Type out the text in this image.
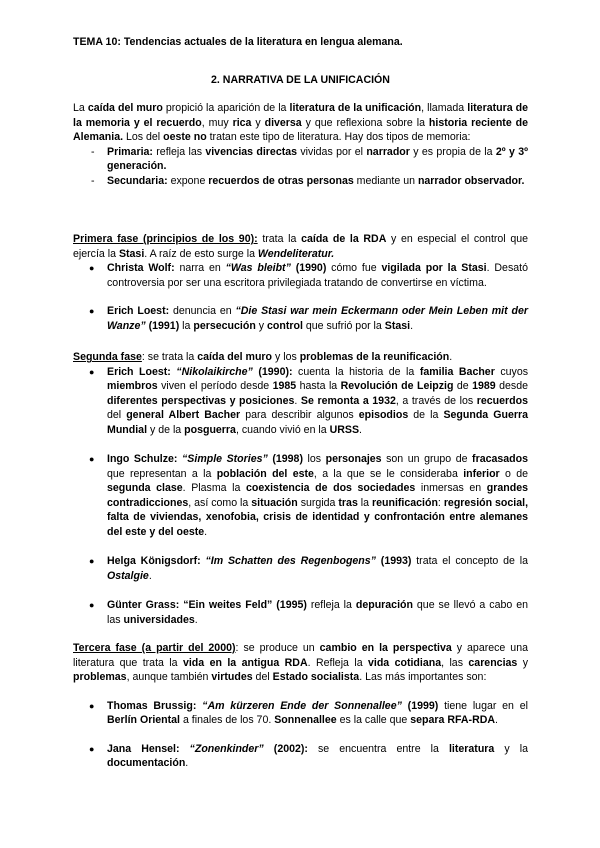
TEMA 10: Tendencias actuales de la literatura en lengua alemana.
2. NARRATIVA DE LA UNIFICACIÓN

La caída del muro propició la aparición de la literatura de la unificación, llamada literatura de la memoria y el recuerdo, muy rica y diversa y que reflexiona sobre la historia reciente de Alemania. Los del oeste no tratan este tipo de literatura. Hay dos tipos de memoria:

- Primaria: refleja las vivencias directas vividas por el narrador y es propia de la 2º y 3º generación.
- Secundaria: expone recuerdos de otras personas mediante un narrador observador.

Primera fase (principios de los 90): trata la caída de la RDA y en especial el control que ejercía la Stasi. A raíz de esto surge la Wendeliteratur.

● Christa Wolf: narra en “Was bleibt” (1990) cómo fue vigilada por la Stasi. Desató controversia por ser una escritora privilegiada tratando de convertirse en víctima.
● Erich Loest: denuncia en “Die Stasi war mein Eckermann oder Mein Leben mit der Wanze” (1991) la persecución y control que sufrió por la Stasi.

Segunda fase: se trata la caída del muro y los problemas de la reunificación.

● Erich Loest: “Nikolaikirche” (1990): cuenta la historia de la familia Bacher cuyos miembros viven el período desde 1985 hasta la Revolución de Leipzig de 1989 desde diferentes perspectivas y posiciones. Se remonta a 1932, a través de los recuerdos del general Albert Bacher para describir algunos episodios de la Segunda Guerra Mundial y de la posguerra, cuando vivió en la URSS.
● Ingo Schulze: “Simple Stories” (1998) los personajes son un grupo de fracasados que representan a la población del este, a la que se le consideraba inferior o de segunda clase. Plasma la coexistencia de dos sociedades inmersas en grandes contradicciones, así como la situación surgida tras la reunificación: regresión social, falta de viviendas, xenofobia, crisis de identidad y confrontación entre alemanes del este y del oeste.
● Helga Königsdorf: “Im Schatten des Regenbogens” (1993) trata el concepto de la Ostalgie.
● Günter Grass: “Ein weites Feld” (1995) refleja la depuración que se llevó a cabo en las universidades.

Tercera fase (a partir del 2000): se produce un cambio en la perspectiva y aparece una literatura que trata la vida en la antigua RDA. Refleja la vida cotidiana, las carencias y problemas, aunque también virtudes del Estado socialista. Las más importantes son:

● Thomas Brussig: “Am kürzeren Ende der Sonnenallee” (1999) tiene lugar en el Berlín Oriental a finales de los 70. Sonnenallee es la calle que separa RFA-RDA.
● Jana Hensel: “Zonenkinder” (2002): se encuentra entre la literatura y la documentación.
